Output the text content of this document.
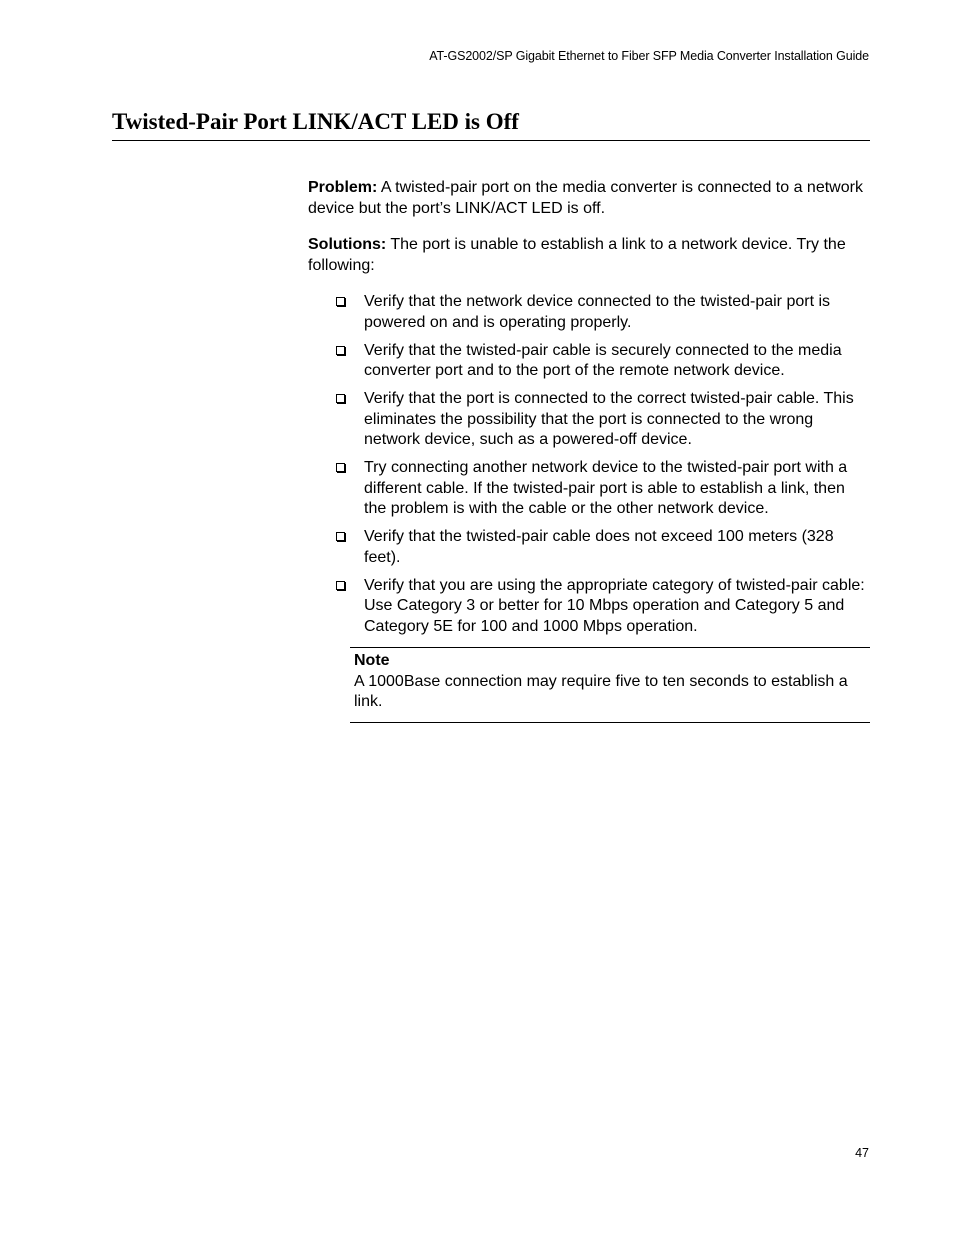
AT-GS2002/SP Gigabit Ethernet to Fiber SFP Media Converter Installation Guide
Twisted-Pair Port LINK/ACT LED is Off

Problem: A twisted-pair port on the media converter is connected to a network device but the port’s LINK/ACT LED is off.

Solutions: The port is unable to establish a link to a network device. Try the following:

Verify that the network device connected to the twisted-pair port is powered on and is operating properly.
Verify that the twisted-pair cable is securely connected to the media converter port and to the port of the remote network device.
Verify that the port is connected to the correct twisted-pair cable. This eliminates the possibility that the port is connected to the wrong network device, such as a powered-off device.
Try connecting another network device to the twisted-pair port with a different cable. If the twisted-pair port is able to establish a link, then the problem is with the cable or the other network device.
Verify that the twisted-pair cable does not exceed 100 meters (328 feet).
Verify that you are using the appropriate category of twisted-pair cable: Use Category 3 or better for 10 Mbps operation and Category 5 and Category 5E for 100 and 1000 Mbps operation.
Note
A 1000Base connection may require five to ten seconds to establish a link.
47
